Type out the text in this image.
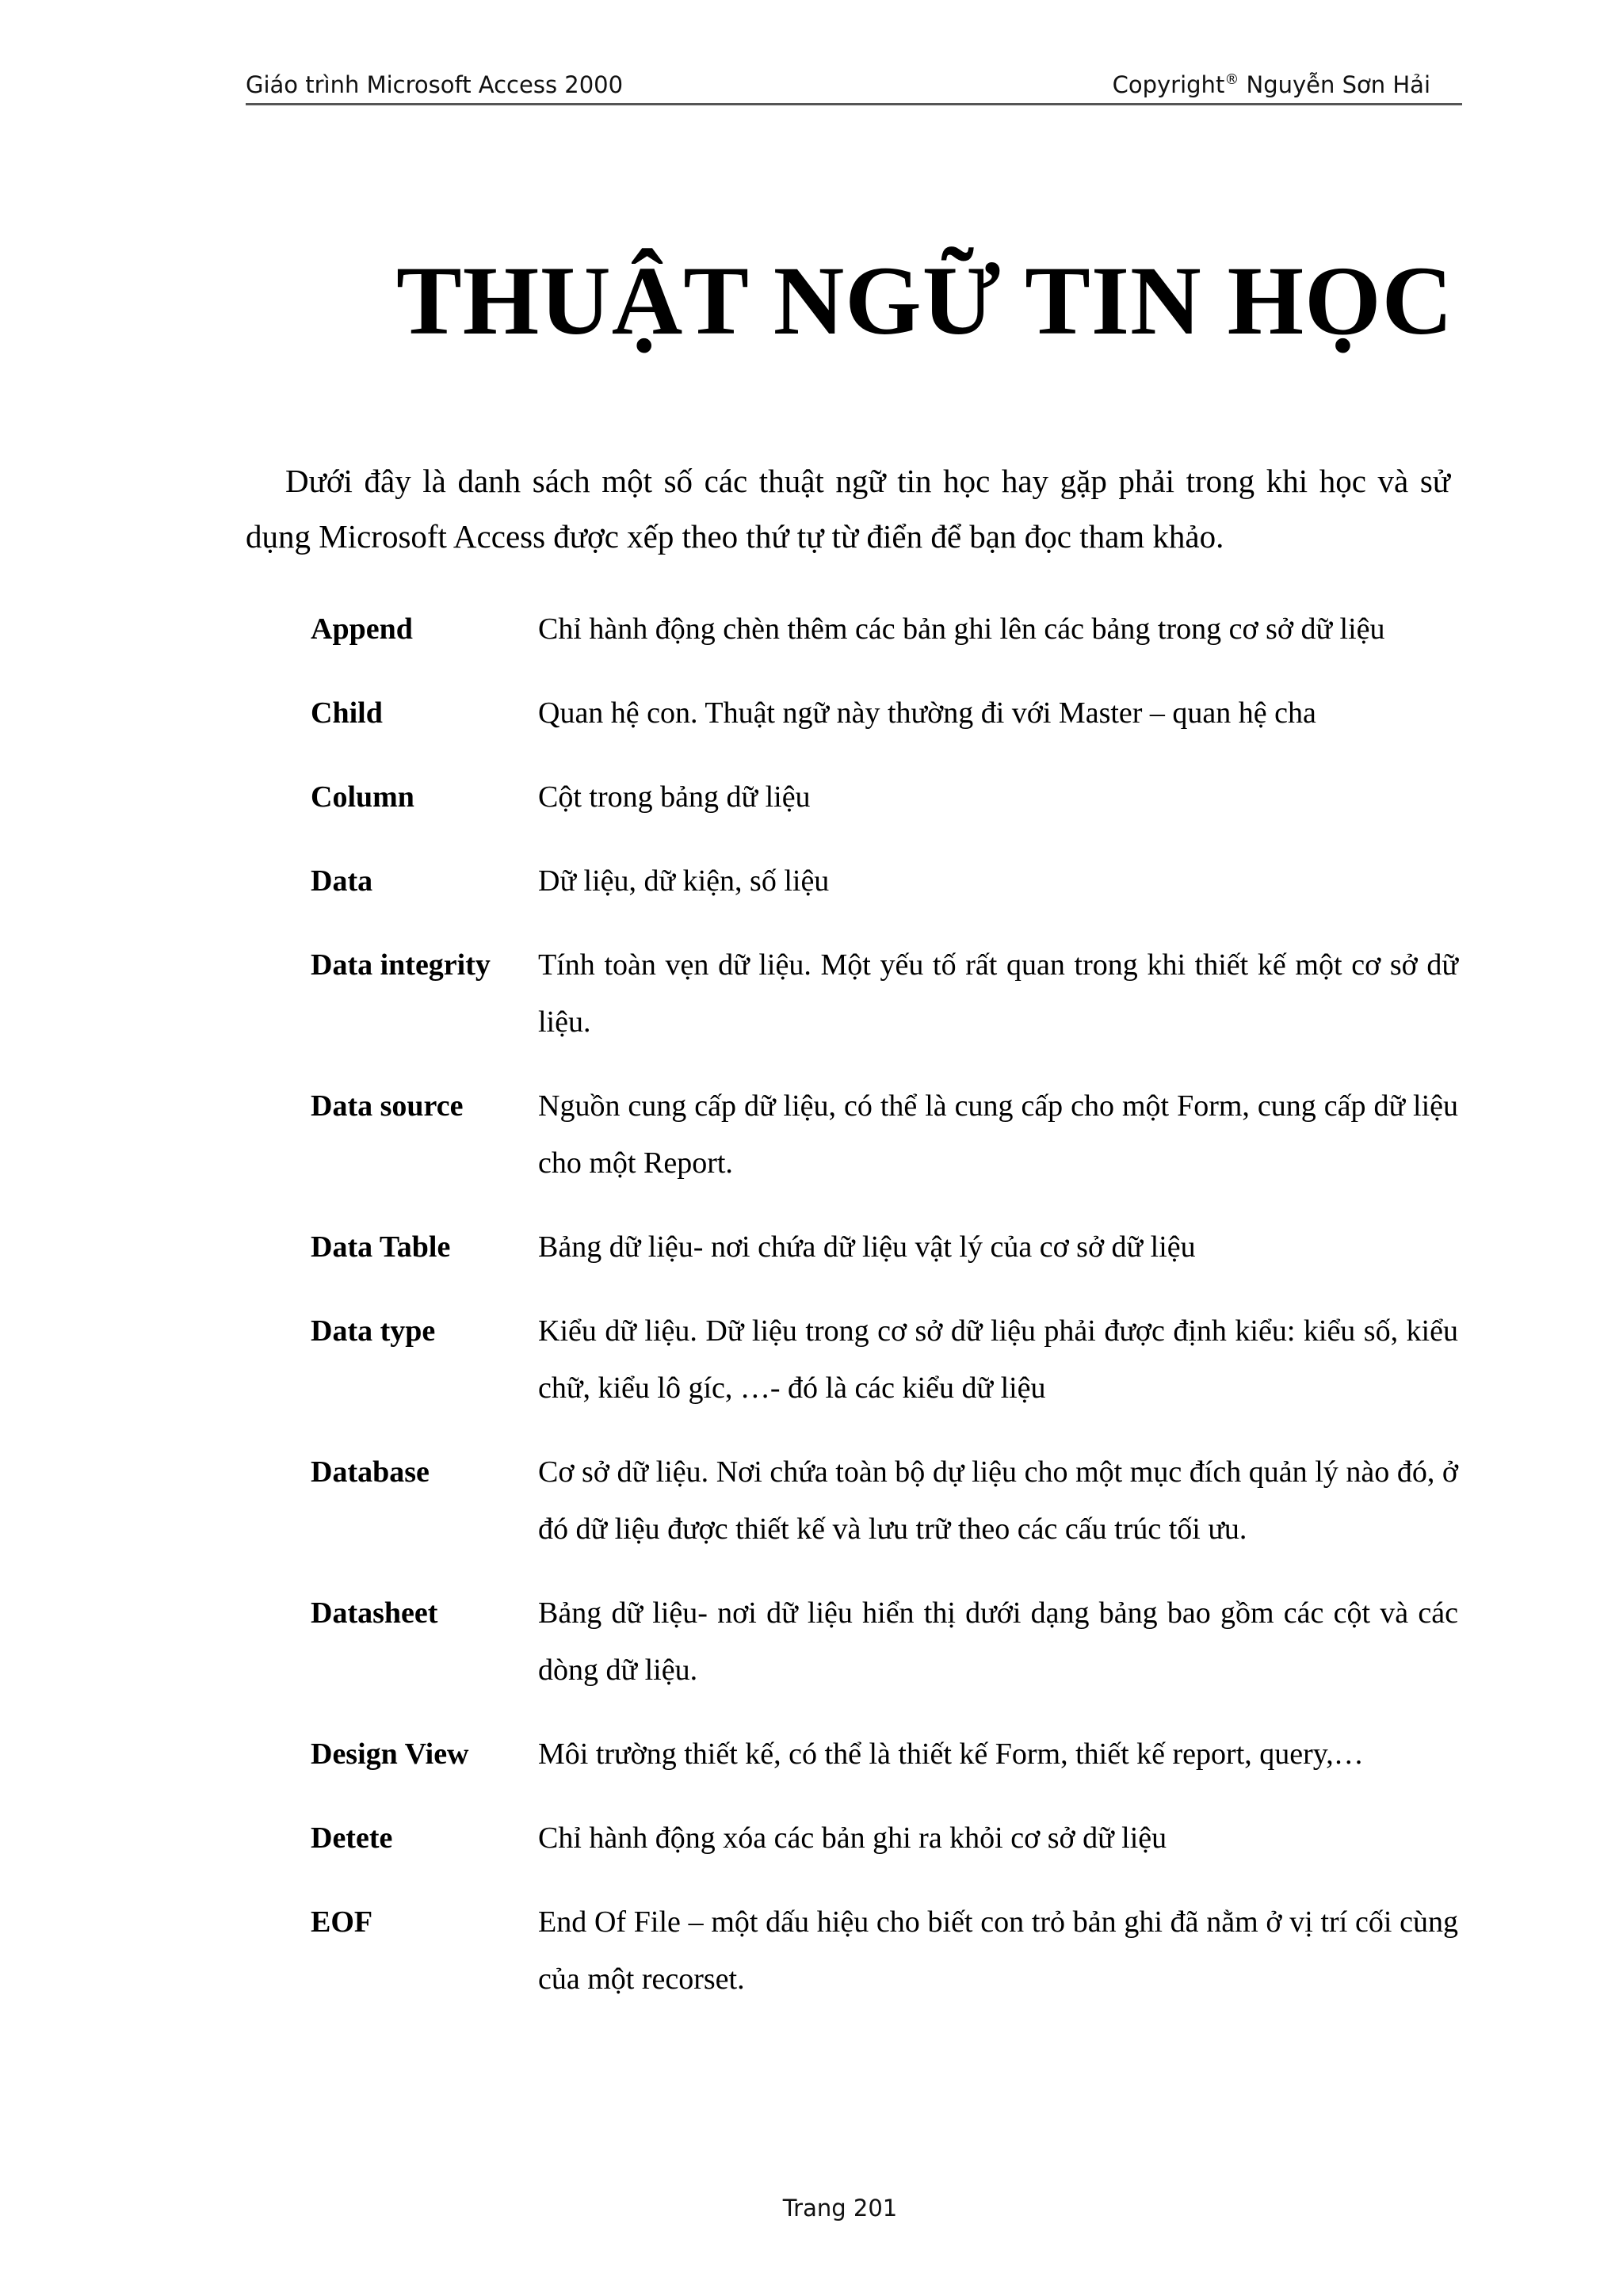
Giáo trình Microsoft Access 2000	Copyright® Nguyễn Sơn Hải
THUẬT NGỮ TIN HỌC

Dưới đây là danh sách một số các thuật ngữ tin học hay gặp phải trong khi học và sử dụng Microsoft Access được xếp theo thứ tự từ điển để bạn đọc tham khảo.

Append	Chỉ hành động chèn thêm các bản ghi lên các bảng trong cơ sở dữ liệu
Child	Quan hệ con. Thuật ngữ này thường đi với Master – quan hệ cha
Column	Cột trong bảng dữ liệu
Data	Dữ liệu, dữ kiện, số liệu
Data integrity	Tính toàn vẹn dữ liệu. Một yếu tố rất quan trong khi thiết kế một cơ sở dữ liệu.
Data source	Nguồn cung cấp dữ liệu, có thể là cung cấp cho một Form, cung cấp dữ liệu cho một Report.
Data Table	Bảng dữ liệu- nơi chứa dữ liệu vật lý của cơ sở dữ liệu
Data type	Kiểu dữ liệu. Dữ liệu trong cơ sở dữ liệu phải được định kiểu: kiểu số, kiểu chữ, kiểu lô gíc, …- đó là các kiểu dữ liệu
Database	Cơ sở dữ liệu. Nơi chứa toàn bộ dự liệu cho một mục đích quản lý nào đó, ở đó dữ liệu được thiết kế và lưu trữ theo các cấu trúc tối ưu.
Datasheet	Bảng dữ liệu- nơi dữ liệu hiển thị dưới dạng bảng bao gồm các cột và các dòng dữ liệu.
Design View	Môi trường thiết kế, có thể là thiết kế Form, thiết kế report, query,…
Detete	Chỉ hành động xóa các bản ghi ra khỏi cơ sở dữ liệu
EOF	End Of File – một dấu hiệu cho biết con trỏ bản ghi đã nằm ở vị trí cối cùng của một recorset.
Trang 201
